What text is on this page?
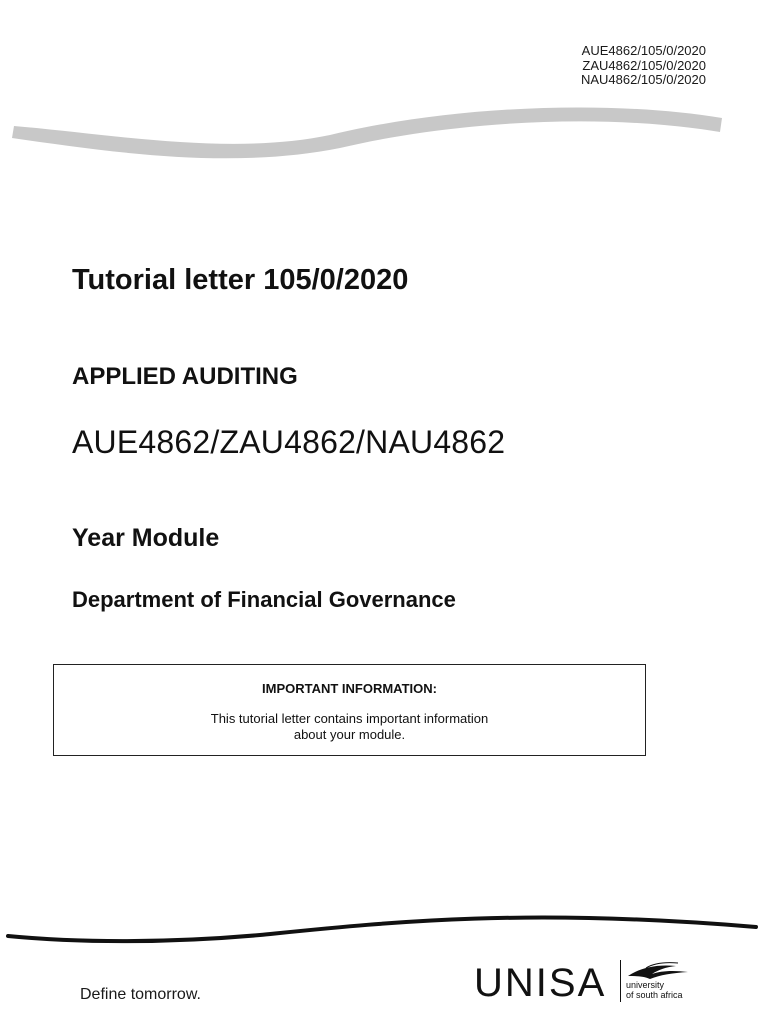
AUE4862/105/0/2020
ZAU4862/105/0/2020
NAU4862/105/0/2020
Tutorial letter 105/0/2020
APPLIED AUDITING
AUE4862/ZAU4862/NAU4862
Year Module
Department of Financial Governance
IMPORTANT INFORMATION:
This tutorial letter contains important information
about your module.
Define tomorrow.	UNISA university
of south africa
